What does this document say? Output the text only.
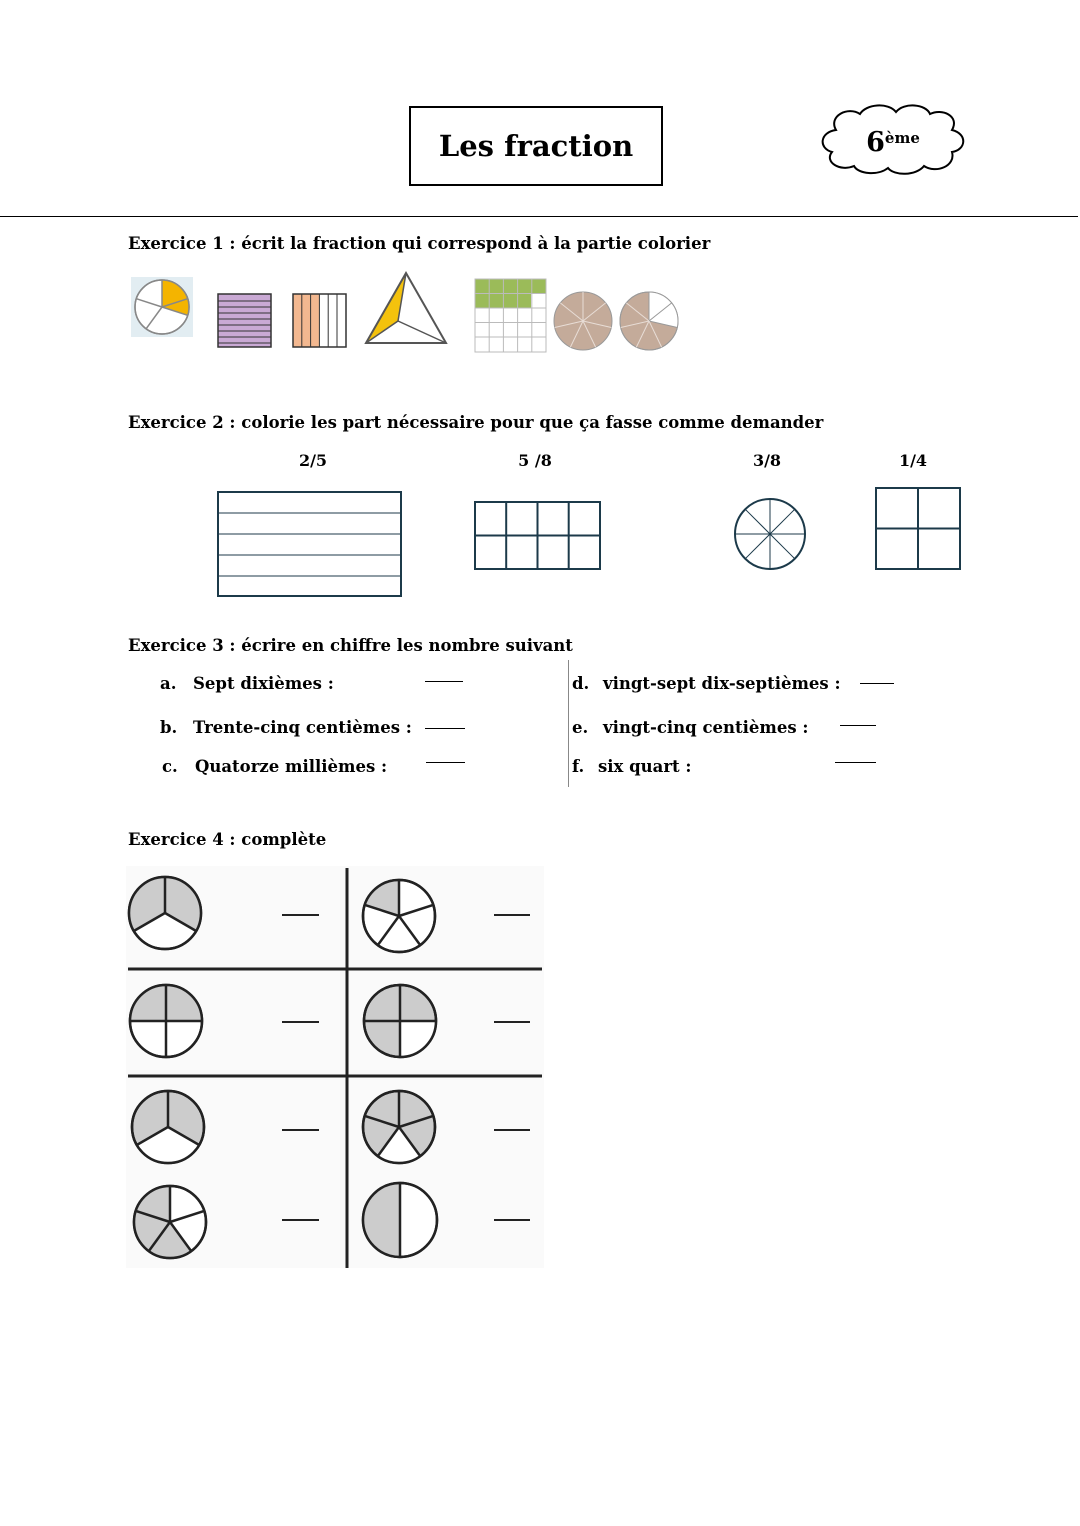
Les fraction	6ème
Exercice 1 : écrit la fraction qui correspond à la partie colorier
Exercice 2 : colorie les part nécessaire pour que ça fasse comme demander
2/5	5 /8	3/8	1/4
Exercice 3 : écrire en chiffre les nombre suivant
a. Sept dixièmes :
b. Trente-cinq centièmes :
c. Quatorze millièmes :
d. vingt-sept dix-septièmes :
e. vingt-cinq centièmes :
f. six quart :
Exercice 4 : complète
